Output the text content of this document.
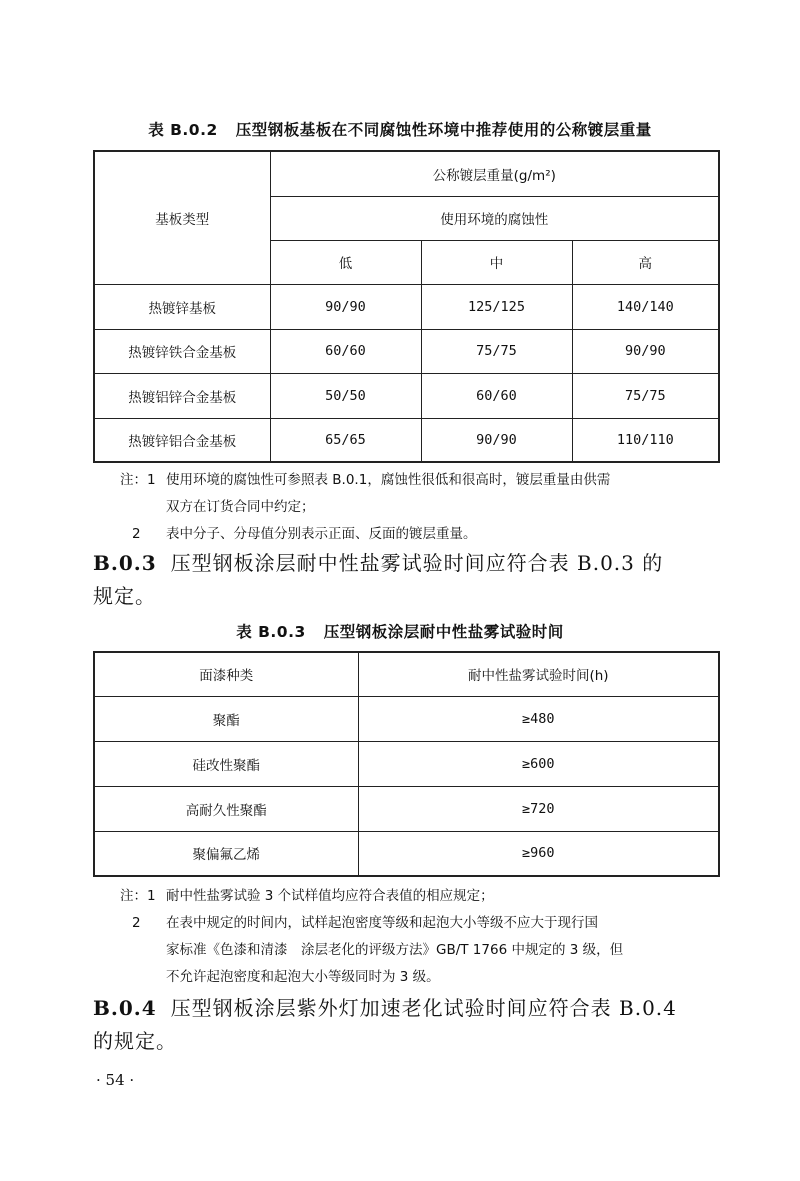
表 B.0.2 压型钢板基板在不同腐蚀性环境中推荐使用的公称镀层重量
基板类型	公称镀层重量(g/m²)		
	使用环境的腐蚀性		
	低	中	高
热镀锌基板	90/90	125/125	140/140
热镀锌铁合金基板	60/60	75/75	90/90
热镀铝锌合金基板	50/50	60/60	75/75
热镀锌铝合金基板	65/65	90/90	110/110
注：1 使用环境的腐蚀性可参照表 B.0.1，腐蚀性很低和很高时，镀层重量由供需
双方在订货合同中约定；
2	表中分子、分母值分别表示正面、反面的镀层重量。
B.0.3 压型钢板涂层耐中性盐雾试验时间应符合表 B.0.3 的
规定。
表 B.0.3 压型钢板涂层耐中性盐雾试验时间
面漆种类	耐中性盐雾试验时间(h)
聚酯	≥480
硅改性聚酯	≥600
高耐久性聚酯	≥720
聚偏氟乙烯	≥960
注：1 耐中性盐雾试验 3 个试样值均应符合表值的相应规定；
2	在表中规定的时间内，试样起泡密度等级和起泡大小等级不应大于现行国
家标准《色漆和清漆　涂层老化的评级方法》GB/T 1766 中规定的 3 级，但
不允许起泡密度和起泡大小等级同时为 3 级。
B.0.4 压型钢板涂层紫外灯加速老化试验时间应符合表 B.0.4
的规定。
· 54 ·
